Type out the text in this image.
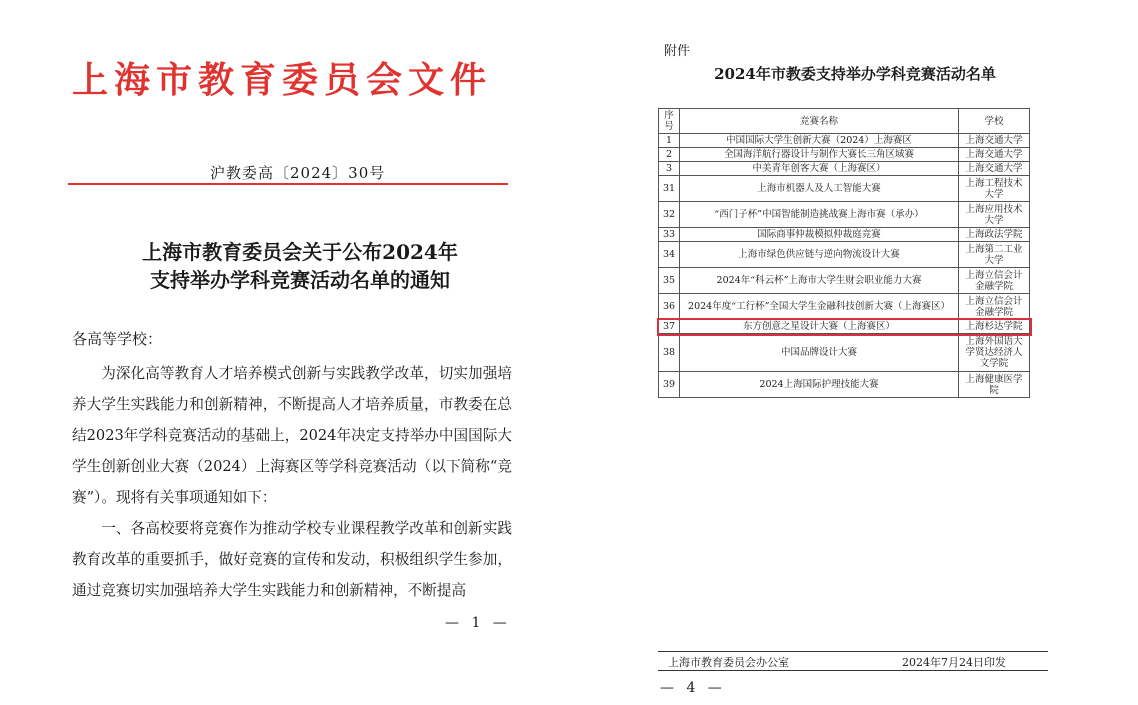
上海市教育委员会文件
沪教委高〔2024〕30号
上海市教育委员会关于公布2024年
支持举办学科竞赛活动名单的通知
各高等学校：

为深化高等教育人才培养模式创新与实践教学改革，切实加强培养大学生实践能力和创新精神，不断提高人才培养质量，市教委在总结2023年学科竞赛活动的基础上，2024年决定支持举办中国国际大学生创新创业大赛（2024）上海赛区等学科竞赛活动（以下简称“竞赛”）。现将有关事项通知如下：

一、各高校要将竞赛作为推动学校专业课程教学改革和创新实践教育改革的重要抓手，做好竞赛的宣传和发动，积极组织学生参加，通过竞赛切实加强培养大学生实践能力和创新精神，不断提高

— 1 —
附件
2024年市教委支持举办学科竞赛活动名单
序号	竞赛名称	学校
1	中国国际大学生创新大赛（2024）上海赛区	上海交通大学
2	全国海洋航行器设计与制作大赛长三角区域赛	上海交通大学
3	中美青年创客大赛（上海赛区）	上海交通大学
31	上海市机器人及人工智能大赛	上海工程技术大学
32	“西门子杯”中国智能制造挑战赛上海市赛（承办）	上海应用技术大学
33	国际商事仲裁模拟仲裁庭竞赛	上海政法学院
34	上海市绿色供应链与逆向物流设计大赛	上海第二工业大学
35	2024年“科云杯”上海市大学生财会职业能力大赛	上海立信会计金融学院
36	2024年度“工行杯”全国大学生金融科技创新大赛（上海赛区）	上海立信会计金融学院
37	东方创意之星设计大赛（上海赛区）	上海杉达学院
38	中国品牌设计大赛	上海外国语大学贤达经济人文学院
39	2024上海国际护理技能大赛	上海健康医学院
上海市教育委员会办公室	2024年7月24日印发
— 4 —
